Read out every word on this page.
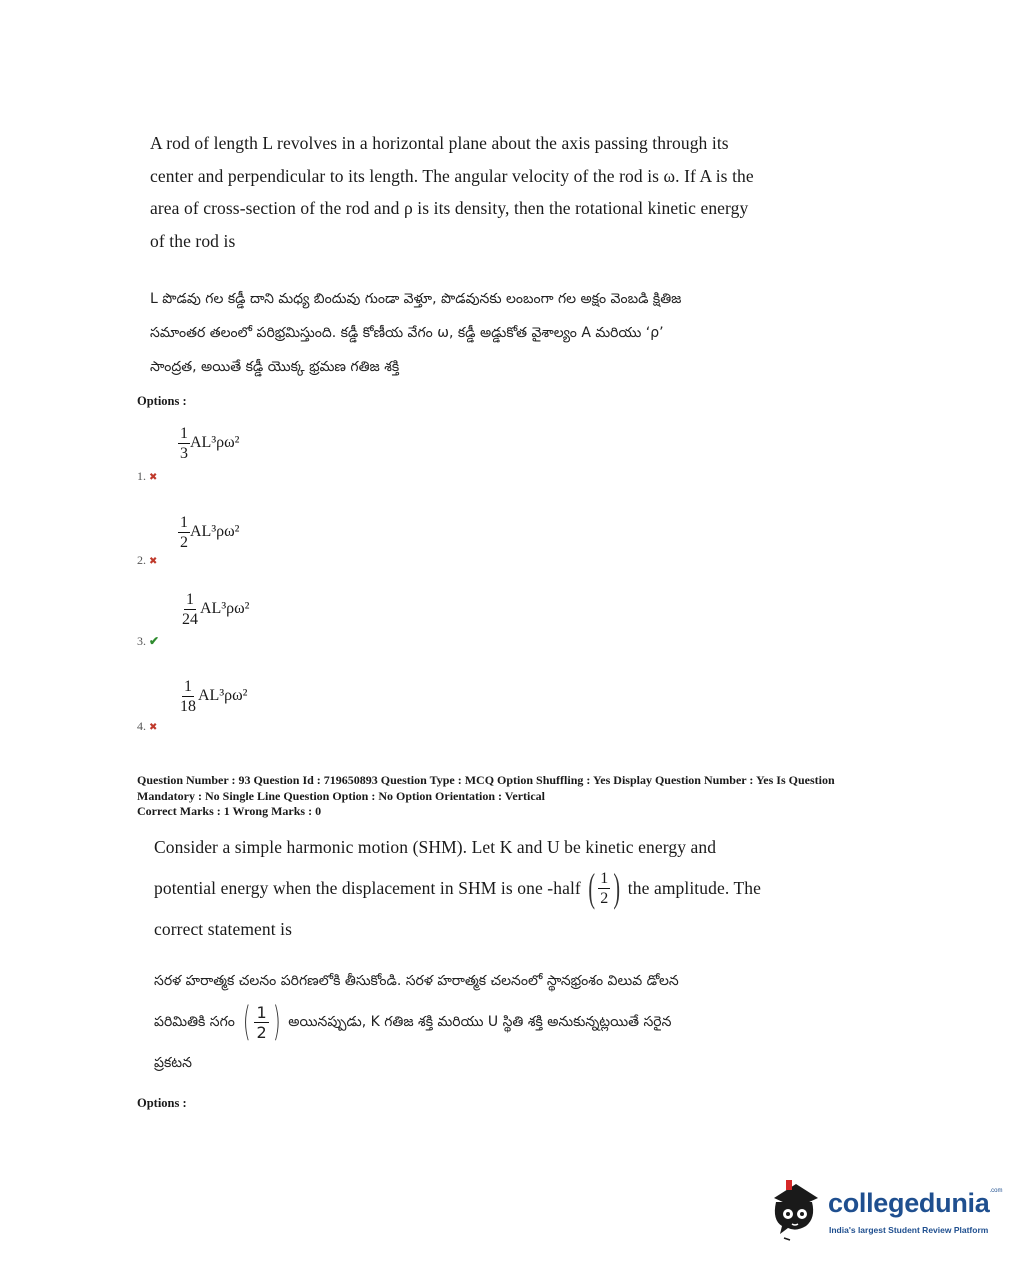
A rod of length L revolves in a horizontal plane about the axis passing through its
center and perpendicular to its length. The angular velocity of the rod is ω. If A is the
area of cross-section of the rod and ρ is its density, then the rotational kinetic energy
of the rod is
L పొడవు గల కడ్డీ దాని మధ్య బిందువు గుండా వెళ్తూ, పొడవునకు లంబంగా గల అక్షం వెంబడి క్షితిజ
సమాంతర తలంలో పరిభ్రమిస్తుంది. కడ్డీ కోణీయ వేగం ω, కడ్డీ అడ్డుకోత వైశాల్యం A మరియు ‘ρ’
సాంద్రత, అయితే కడ్డీ యొక్క భ్రమణ గతిజ శక్తి
Options :
$\frac{1}{3} AL^3\rho\omega^2$
1. ✖
$\frac{1}{2} AL^3\rho\omega^2$
2. ✖
$\frac{1}{24} AL^3\rho\omega^2$
3. ✔
$\frac{1}{18} AL^3\rho\omega^2$
4. ✖
Question Number : 93 Question Id : 719650893 Question Type : MCQ Option Shuffling : Yes Display Question Number : Yes Is Question
Mandatory : No Single Line Question Option : No Option Orientation : Vertical
Correct Marks : 1 Wrong Marks : 0
Consider a simple harmonic motion (SHM). Let K and U be kinetic energy and
potential energy when the displacement in SHM is one -half ( $\frac{1}{2}$ ) the amplitude. The
correct statement is
సరళ హరాత్మక చలనం పరిగణలోకి తీసుకోండి. సరళ హరాత్మక చలనంలో స్థానభ్రంశం విలువ డోలన
పరిమితికి సగం ( $\frac{1}{2}$ ) అయినప్పుడు, K గతిజ శక్తి మరియు U స్థితి శక్తి అనుకున్నట్లయితే సరైన
ప్రకటన
Options :
collegedunia$^{.com}$
India's largest Student Review Platform
